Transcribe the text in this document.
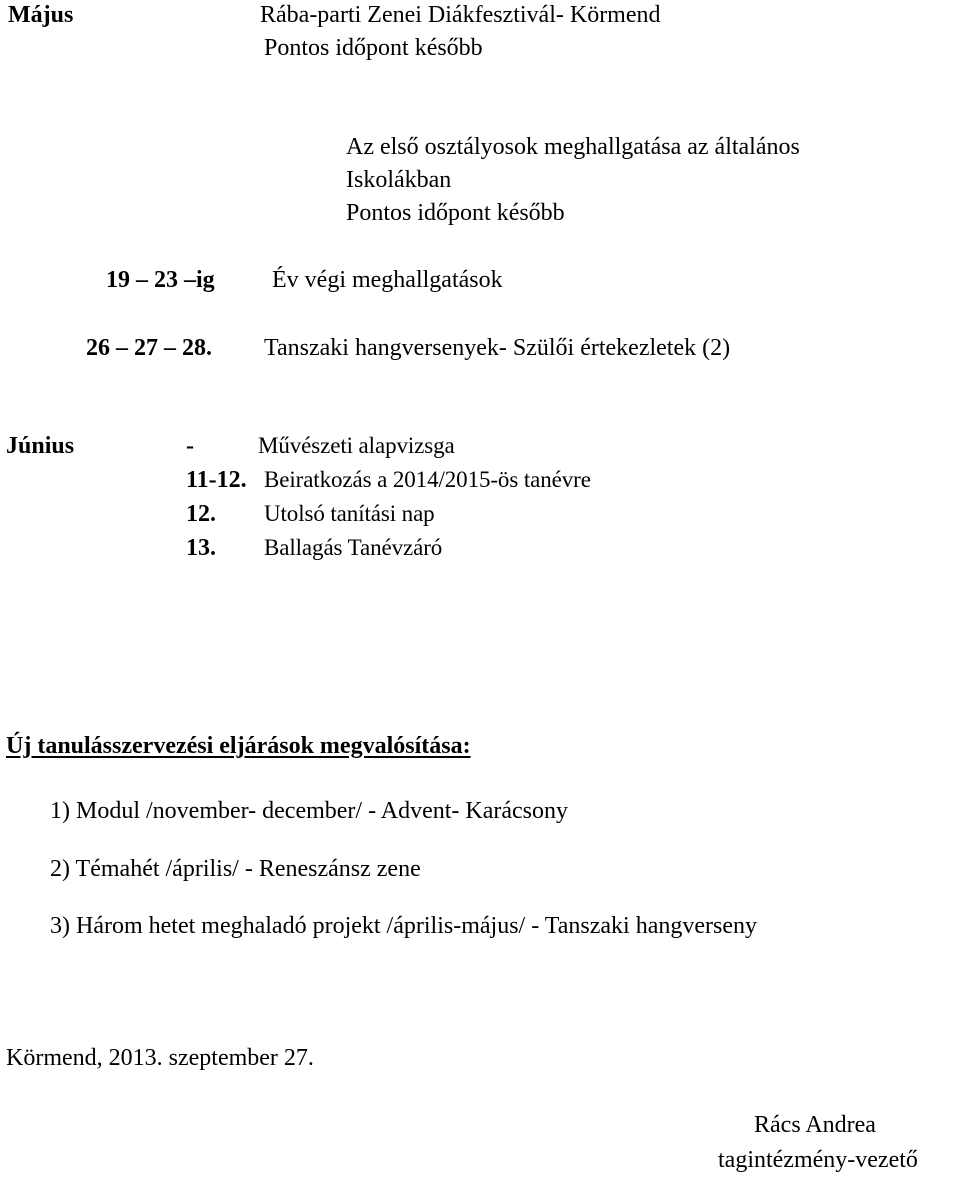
Május	Rába-parti Zenei Diákfesztivál- Körmend
Pontos időpont később
Az első osztályosok meghallgatása az általános
Iskolákban
Pontos időpont később
19 – 23 –ig Év végi meghallgatások
26 – 27 – 28. Tanszaki hangversenyek- Szülői értekezletek (2)
Június	-	Művészeti alapvizsga
11-12. Beiratkozás a 2014/2015-ös tanévre
12. Utolsó tanítási nap
13. Ballagás Tanévzáró
Új tanulásszervezési eljárások megvalósítása:
1) Modul /november- december/ - Advent- Karácsony
2) Témahét /április/ - Reneszánsz zene
3) Három hetet meghaladó projekt /április-május/ - Tanszaki hangverseny
Körmend, 2013. szeptember 27.
Rács Andrea
tagintézmény-vezető
